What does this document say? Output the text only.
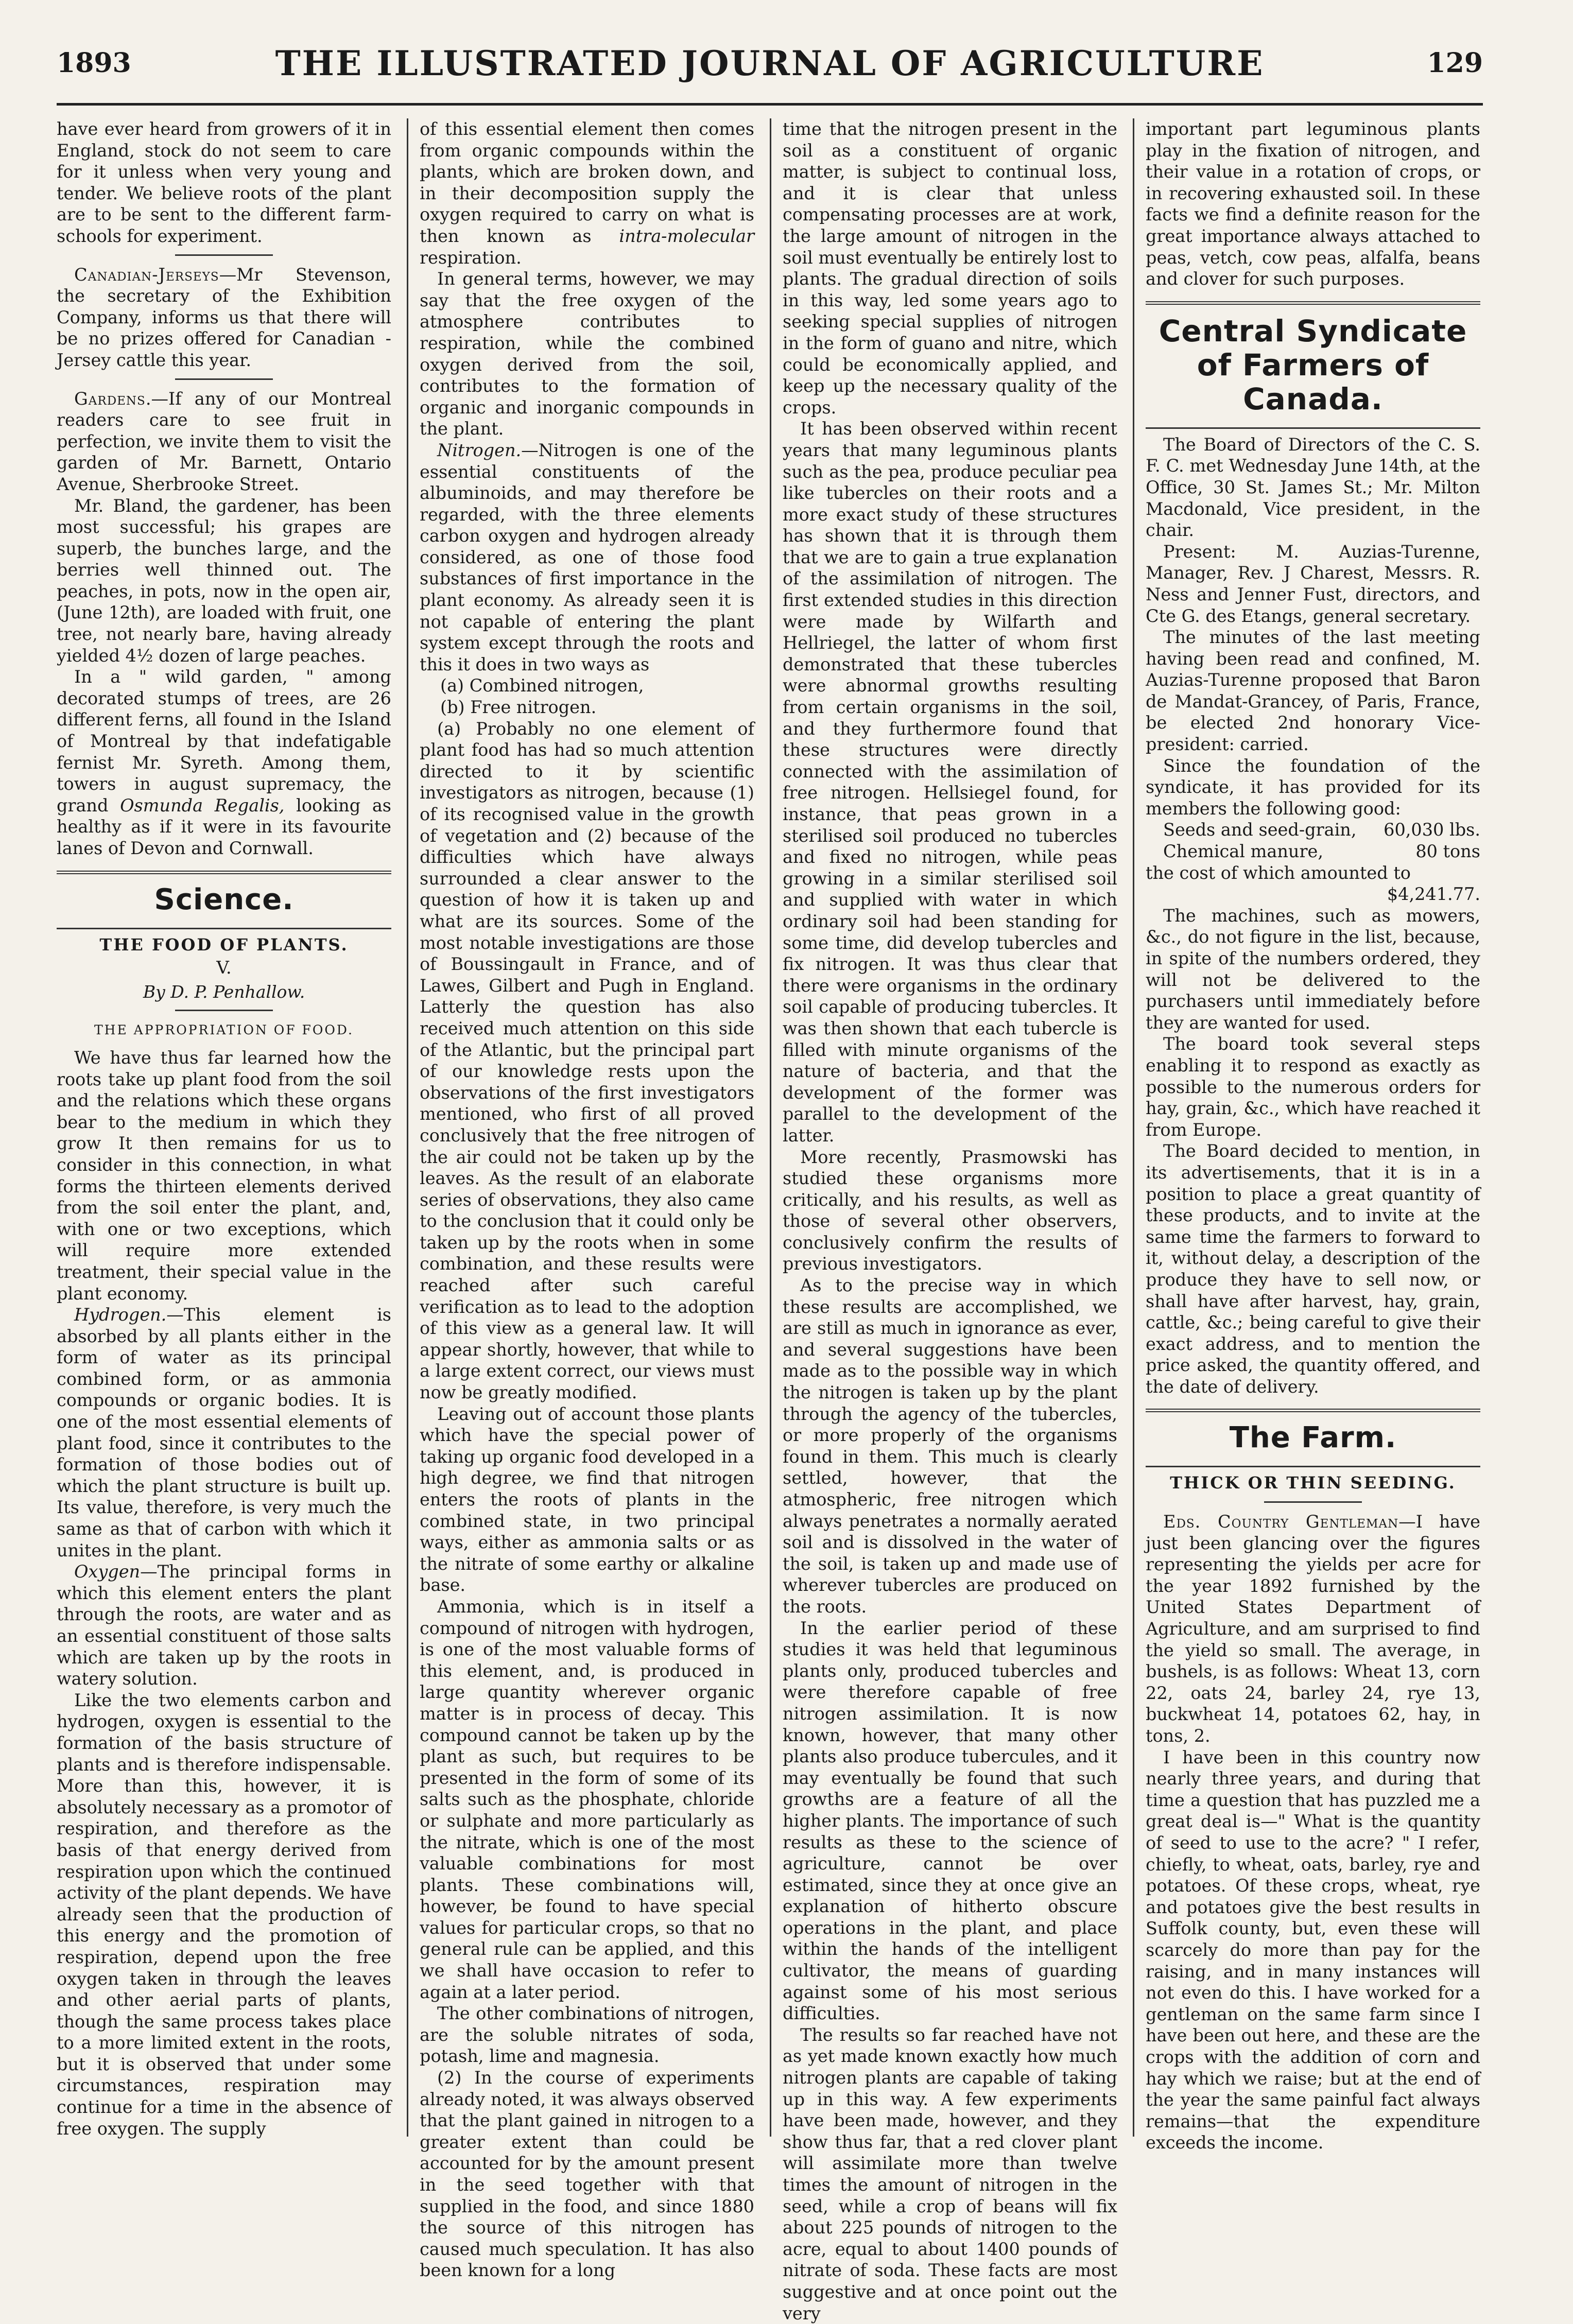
1893	THE ILLUSTRATED JOURNAL OF AGRICULTURE	129

have ever heard from growers of it in England, stock do not seem to care for it unless when very young and tender. We believe roots of the plant are to be sent to the different farm-schools for experiment.

Canadian-Jerseys—Mr Stevenson, the secretary of the Exhibition Company, informs us that there will be no prizes offered for Canadian - Jersey cattle this year.

Gardens.—If any of our Montreal readers care to see fruit in perfection, we invite them to visit the garden of Mr. Barnett, Ontario Avenue, Sherbrooke Street.

Mr. Bland, the gardener, has been most successful; his grapes are superb, the bunches large, and the berries well thinned out. The peaches, in pots, now in the open air, (June 12th), are loaded with fruit, one tree, not nearly bare, having already yielded 4½ dozen of large peaches.

In a " wild garden, " among decorated stumps of trees, are 26 different ferns, all found in the Island of Montreal by that indefatigable fernist Mr. Syreth. Among them, towers in august supremacy, the grand Osmunda Regalis, looking as healthy as if it were in its favourite lanes of Devon and Cornwall.

Science.
THE FOOD OF PLANTS.
V.
By D. P. Penhallow.
THE APPROPRIATION OF FOOD.

We have thus far learned how the roots take up plant food from the soil and the relations which these organs bear to the medium in which they grow It then remains for us to consider in this connection, in what forms the thirteen elements derived from the soil enter the plant, and, with one or two exceptions, which will require more extended treatment, their special value in the plant economy.

Hydrogen.—This element is absorbed by all plants either in the form of water as its principal combined form, or as ammonia compounds or organic bodies. It is one of the most essential elements of plant food, since it contributes to the formation of those bodies out of which the plant structure is built up. Its value, therefore, is very much the same as that of carbon with which it unites in the plant.

Oxygen—The principal forms in which this element enters the plant through the roots, are water and as an essential constituent of those salts which are taken up by the roots in watery solution.

Like the two elements carbon and hydrogen, oxygen is essential to the formation of the basis structure of plants and is therefore indispensable. More than this, however, it is absolutely necessary as a promotor of respiration, and therefore as the basis of that energy derived from respiration upon which the continued activity of the plant depends. We have already seen that the production of this energy and the promotion of respiration, depend upon the free oxygen taken in through the leaves and other aerial parts of plants, though the same process takes place to a more limited extent in the roots, but it is observed that under some circumstances, respiration may continue for a time in the absence of free oxygen. The supply

of this essential element then comes from organic compounds within the plants, which are broken down, and in their decomposition supply the oxygen required to carry on what is then known as intra-molecular respiration.

In general terms, however, we may say that the free oxygen of the atmosphere contributes to respiration, while the combined oxygen derived from the soil, contributes to the formation of organic and inorganic compounds in the plant.

Nitrogen.—Nitrogen is one of the essential constituents of the albuminoids, and may therefore be regarded, with the three elements carbon oxygen and hydrogen already considered, as one of those food substances of first importance in the plant economy. As already seen it is not capable of entering the plant system except through the roots and this it does in two ways as

(a) Combined nitrogen,

(b) Free nitrogen.

(a) Probably no one element of plant food has had so much attention directed to it by scientific investigators as nitrogen, because (1) of its recognised value in the growth of vegetation and (2) because of the difficulties which have always surrounded a clear answer to the question of how it is taken up and what are its sources. Some of the most notable investigations are those of Boussingault in France, and of Lawes, Gilbert and Pugh in England. Latterly the question has also received much attention on this side of the Atlantic, but the principal part of our knowledge rests upon the observations of the first investigators mentioned, who first of all proved conclusively that the free nitrogen of the air could not be taken up by the leaves. As the result of an elaborate series of observations, they also came to the conclusion that it could only be taken up by the roots when in some combination, and these results were reached after such careful verification as to lead to the adoption of this view as a general law. It will appear shortly, however, that while to a large extent correct, our views must now be greatly modified.

Leaving out of account those plants which have the special power of taking up organic food developed in a high degree, we find that nitrogen enters the roots of plants in the combined state, in two principal ways, either as ammonia salts or as the nitrate of some earthy or alkaline base.

Ammonia, which is in itself a compound of nitrogen with hydrogen, is one of the most valuable forms of this element, and, is produced in large quantity wherever organic matter is in process of decay. This compound cannot be taken up by the plant as such, but requires to be presented in the form of some of its salts such as the phosphate, chloride or sulphate and more particularly as the nitrate, which is one of the most valuable combinations for most plants. These combinations will, however, be found to have special values for particular crops, so that no general rule can be applied, and this we shall have occasion to refer to again at a later period.

The other combinations of nitrogen, are the soluble nitrates of soda, potash, lime and magnesia.

(2) In the course of experiments already noted, it was always observed that the plant gained in nitrogen to a greater extent than could be accounted for by the amount present in the seed together with that supplied in the food, and since 1880 the source of this nitrogen has caused much speculation. It has also been known for a long

time that the nitrogen present in the soil as a constituent of organic matter, is subject to continual loss, and it is clear that unless compensating processes are at work, the large amount of nitrogen in the soil must eventually be entirely lost to plants. The gradual direction of soils in this way, led some years ago to seeking special supplies of nitrogen in the form of guano and nitre, which could be economically applied, and keep up the necessary quality of the crops.

It has been observed within recent years that many leguminous plants such as the pea, produce peculiar pea like tubercles on their roots and a more exact study of these structures has shown that it is through them that we are to gain a true explanation of the assimilation of nitrogen. The first extended studies in this direction were made by Wilfarth and Hellriegel, the latter of whom first demonstrated that these tubercles were abnormal growths resulting from certain organisms in the soil, and they furthermore found that these structures were directly connected with the assimilation of free nitrogen. Hellsiegel found, for instance, that peas grown in a sterilised soil produced no tubercles and fixed no nitrogen, while peas growing in a similar sterilised soil and supplied with water in which ordinary soil had been standing for some time, did develop tubercles and fix nitrogen. It was thus clear that there were organisms in the ordinary soil capable of producing tubercles. It was then shown that each tubercle is filled with minute organisms of the nature of bacteria, and that the development of the former was parallel to the development of the latter.

More recently, Prasmowski has studied these organisms more critically, and his results, as well as those of several other observers, conclusively confirm the results of previous investigators.

As to the precise way in which these results are accomplished, we are still as much in ignorance as ever, and several suggestions have been made as to the possible way in which the nitrogen is taken up by the plant through the agency of the tubercles, or more properly of the organisms found in them. This much is clearly settled, however, that the atmospheric, free nitrogen which always penetrates a normally aerated soil and is dissolved in the water of the soil, is taken up and made use of wherever tubercles are produced on the roots.

In the earlier period of these studies it was held that leguminous plants only, produced tubercles and were therefore capable of free nitrogen assimilation. It is now known, however, that many other plants also produce tubercules, and it may eventually be found that such growths are a feature of all the higher plants. The importance of such results as these to the science of agriculture, cannot be over estimated, since they at once give an explanation of hitherto obscure operations in the plant, and place within the hands of the intelligent cultivator, the means of guarding against some of his most serious difficulties.

The results so far reached have not as yet made known exactly how much nitrogen plants are capable of taking up in this way. A few experiments have been made, however, and they show thus far, that a red clover plant will assimilate more than twelve times the amount of nitrogen in the seed, while a crop of beans will fix about 225 pounds of nitrogen to the acre, equal to about 1400 pounds of nitrate of soda. These facts are most suggestive and at once point out the very

important part leguminous plants play in the fixation of nitrogen, and their value in a rotation of crops, or in recovering exhausted soil. In these facts we find a definite reason for the great importance always attached to peas, vetch, cow peas, alfalfa, beans and clover for such purposes.

Central Syndicate of Farmers of Canada.

The Board of Directors of the C. S. F. C. met Wednesday June 14th, at the Office, 30 St. James St.; Mr. Milton Macdonald, Vice president, in the chair.

Present: M. Auzias-Turenne, Manager, Rev. J Charest, Messrs. R. Ness and Jenner Fust, directors, and Cte G. des Etangs, general secretary.

The minutes of the last meeting having been read and confined, M. Auzias-Turenne proposed that Baron de Mandat-Grancey, of Paris, France, be elected 2nd honorary Vice-president: carried.

Since the foundation of the syndicate, it has provided for its members the following good:

Seeds and seed-grain,	60,030 lbs.

Chemical manure,	80 tons

the cost of which amounted to

$4,241.77.

The machines, such as mowers, &c., do not figure in the list, because, in spite of the numbers ordered, they will not be delivered to the purchasers until immediately before they are wanted for used.

The board took several steps enabling it to respond as exactly as possible to the numerous orders for hay, grain, &c., which have reached it from Europe.

The Board decided to mention, in its advertisements, that it is in a position to place a great quantity of these products, and to invite at the same time the farmers to forward to it, without delay, a description of the produce they have to sell now, or shall have after harvest, hay, grain, cattle, &c.; being careful to give their exact address, and to mention the price asked, the quantity offered, and the date of delivery.

The Farm.
THICK OR THIN SEEDING.

Eds. Country Gentleman—I have just been glancing over the figures representing the yields per acre for the year 1892 furnished by the United States Department of Agriculture, and am surprised to find the yield so small. The average, in bushels, is as follows: Wheat 13, corn 22, oats 24, barley 24, rye 13, buckwheat 14, potatoes 62, hay, in tons, 2.

I have been in this country now nearly three years, and during that time a question that has puzzled me a great deal is—" What is the quantity of seed to use to the acre? " I refer, chiefly, to wheat, oats, barley, rye and potatoes. Of these crops, wheat, rye and potatoes give the best results in Suffolk county, but, even these will scarcely do more than pay for the raising, and in many instances will not even do this. I have worked for a gentleman on the same farm since I have been out here, and these are the crops with the addition of corn and hay which we raise; but at the end of the year the same painful fact always remains—that the expenditure exceeds the income.
